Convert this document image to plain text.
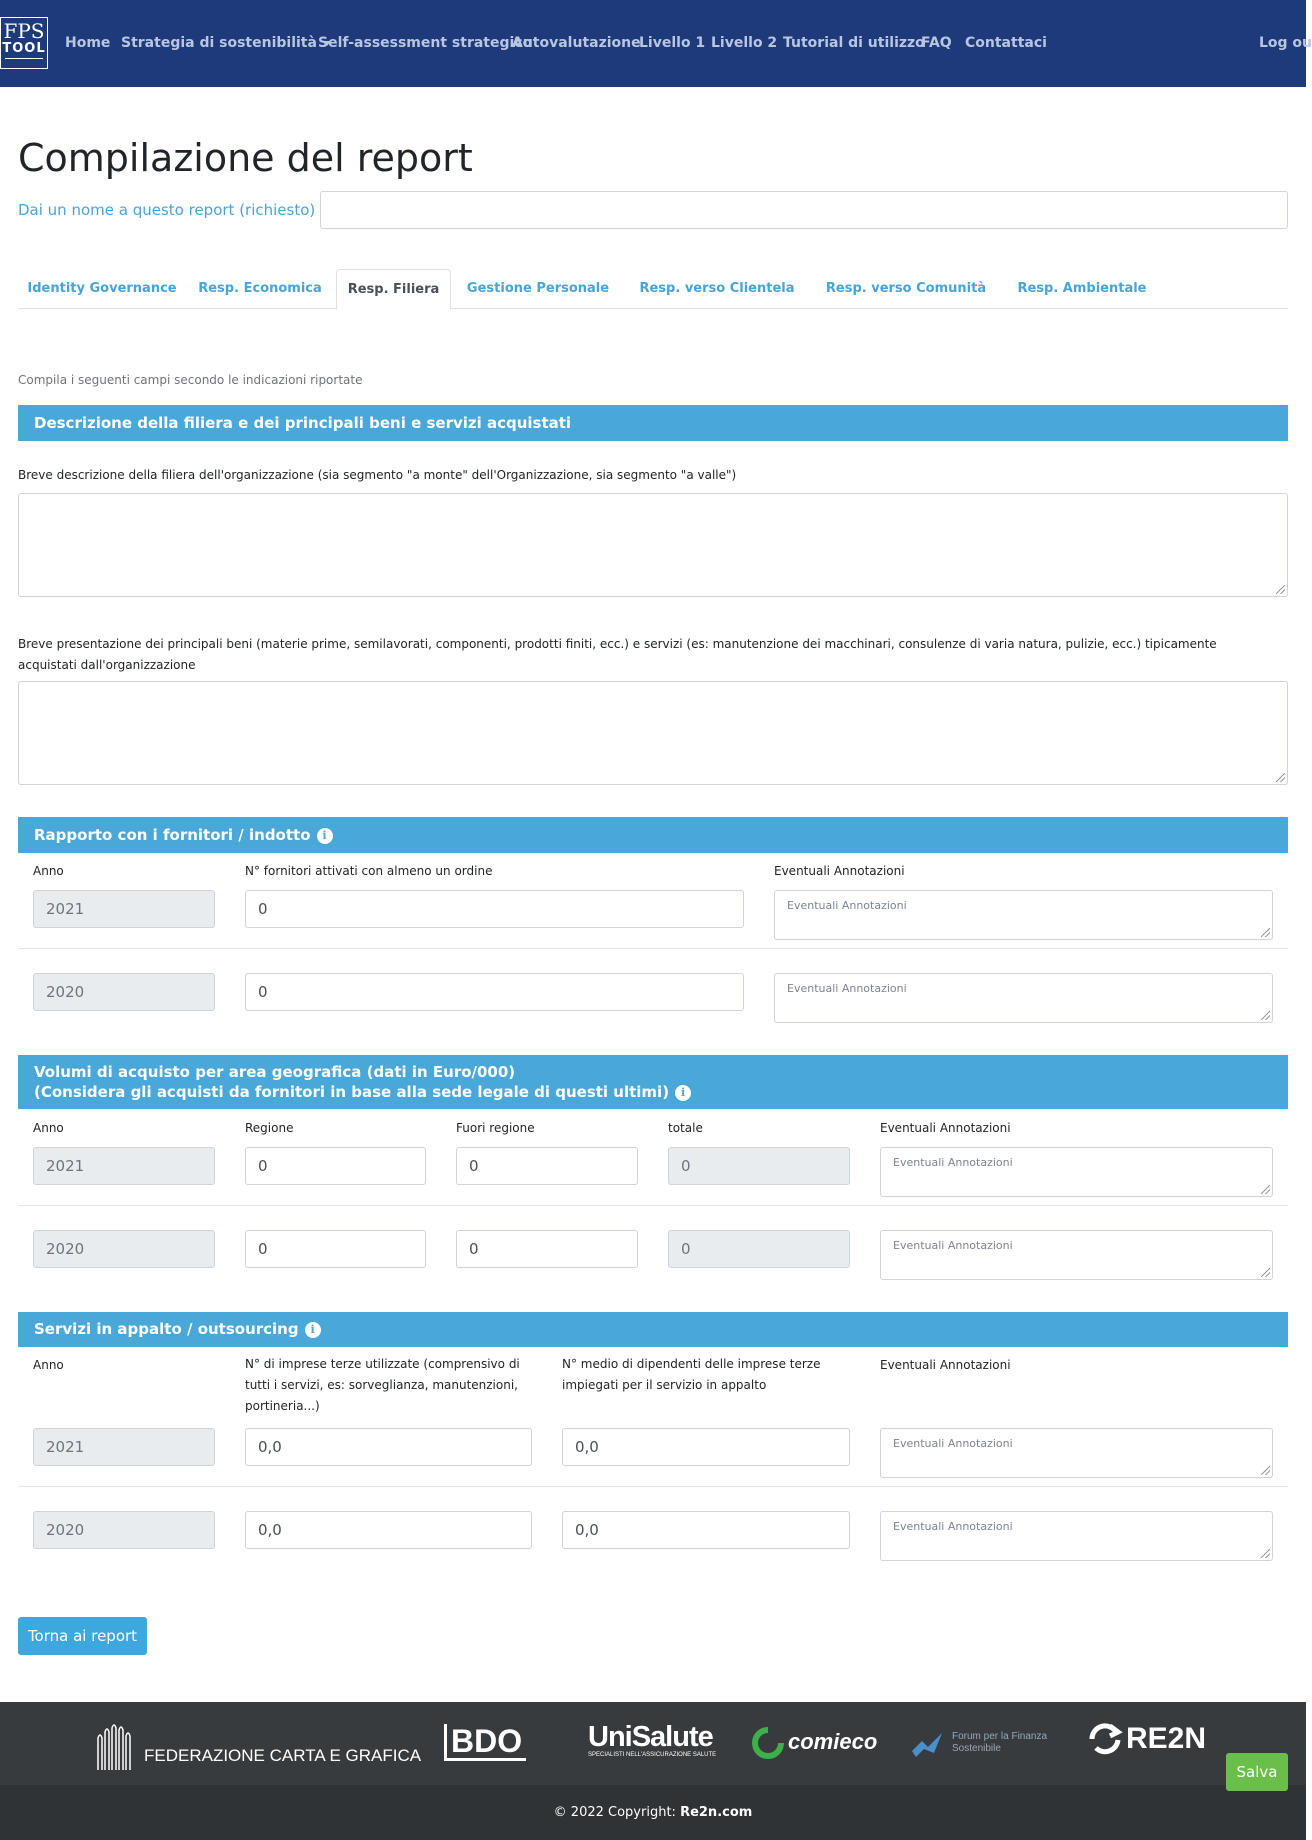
FPS
TOOL Home Strategia di sostenibilità Self-assessment strategico
Autovalutazione
Livello 1 Livello 2 Tutorial di utilizzo
FAQ Contattaci	Log ou
Compilazione del report
Dai un nome a questo report (richiesto)
Identity Governance	Resp. Economica	Resp. Filiera	Gestione Personale	Resp. verso Clientela	Resp. verso Comunità	Resp. Ambientale
Compila i seguenti campi secondo le indicazioni riportate
Descrizione della filiera e dei principali beni e servizi acquistati
Breve descrizione della filiera dell'organizzazione (sia segmento "a monte" dell'Organizzazione, sia segmento "a valle")
Breve presentazione dei principali beni (materie prime, semilavorati, componenti, prodotti finiti, ecc.) e servizi (es: manutenzione dei macchinari, consulenze di varia natura, pulizie, ecc.) tipicamente acquistati dall'organizzazione
Rapporto con i fornitori / indotto i
Anno	N° fornitori attivati con almeno un ordine	Eventuali Annotazioni
2021	0	Eventuali Annotazioni
2020	0	Eventuali Annotazioni
Volumi di acquisto per area geografica (dati in Euro/000)
(Considera gli acquisti da fornitori in base alla sede legale di questi ultimi) i
Anno	Regione	Fuori regione	totale	Eventuali Annotazioni
2021	0	0	0	Eventuali Annotazioni
2020	0	0	0	Eventuali Annotazioni
Servizi in appalto / outsourcing i
Anno	N° di imprese terze utilizzate (comprensivo di tutti i servizi, es: sorveglianza, manutenzioni, portineria...)
N° medio di dipendenti delle imprese terze impiegati per il servizio in appalto
Eventuali Annotazioni
2021	0,0	0,0	Eventuali Annotazioni
2020	0,0	0,0	Eventuali Annotazioni
Torna ai report
FEDERAZIONE CARTA E GRAFICA BDO UniSalute
SPECIALISTI NELL'ASSICURAZIONE SALUTE
comieco	Forum per la Finanza Sostenibile	RE2N
© 2022 Copyright: Re2n.com
Salva
